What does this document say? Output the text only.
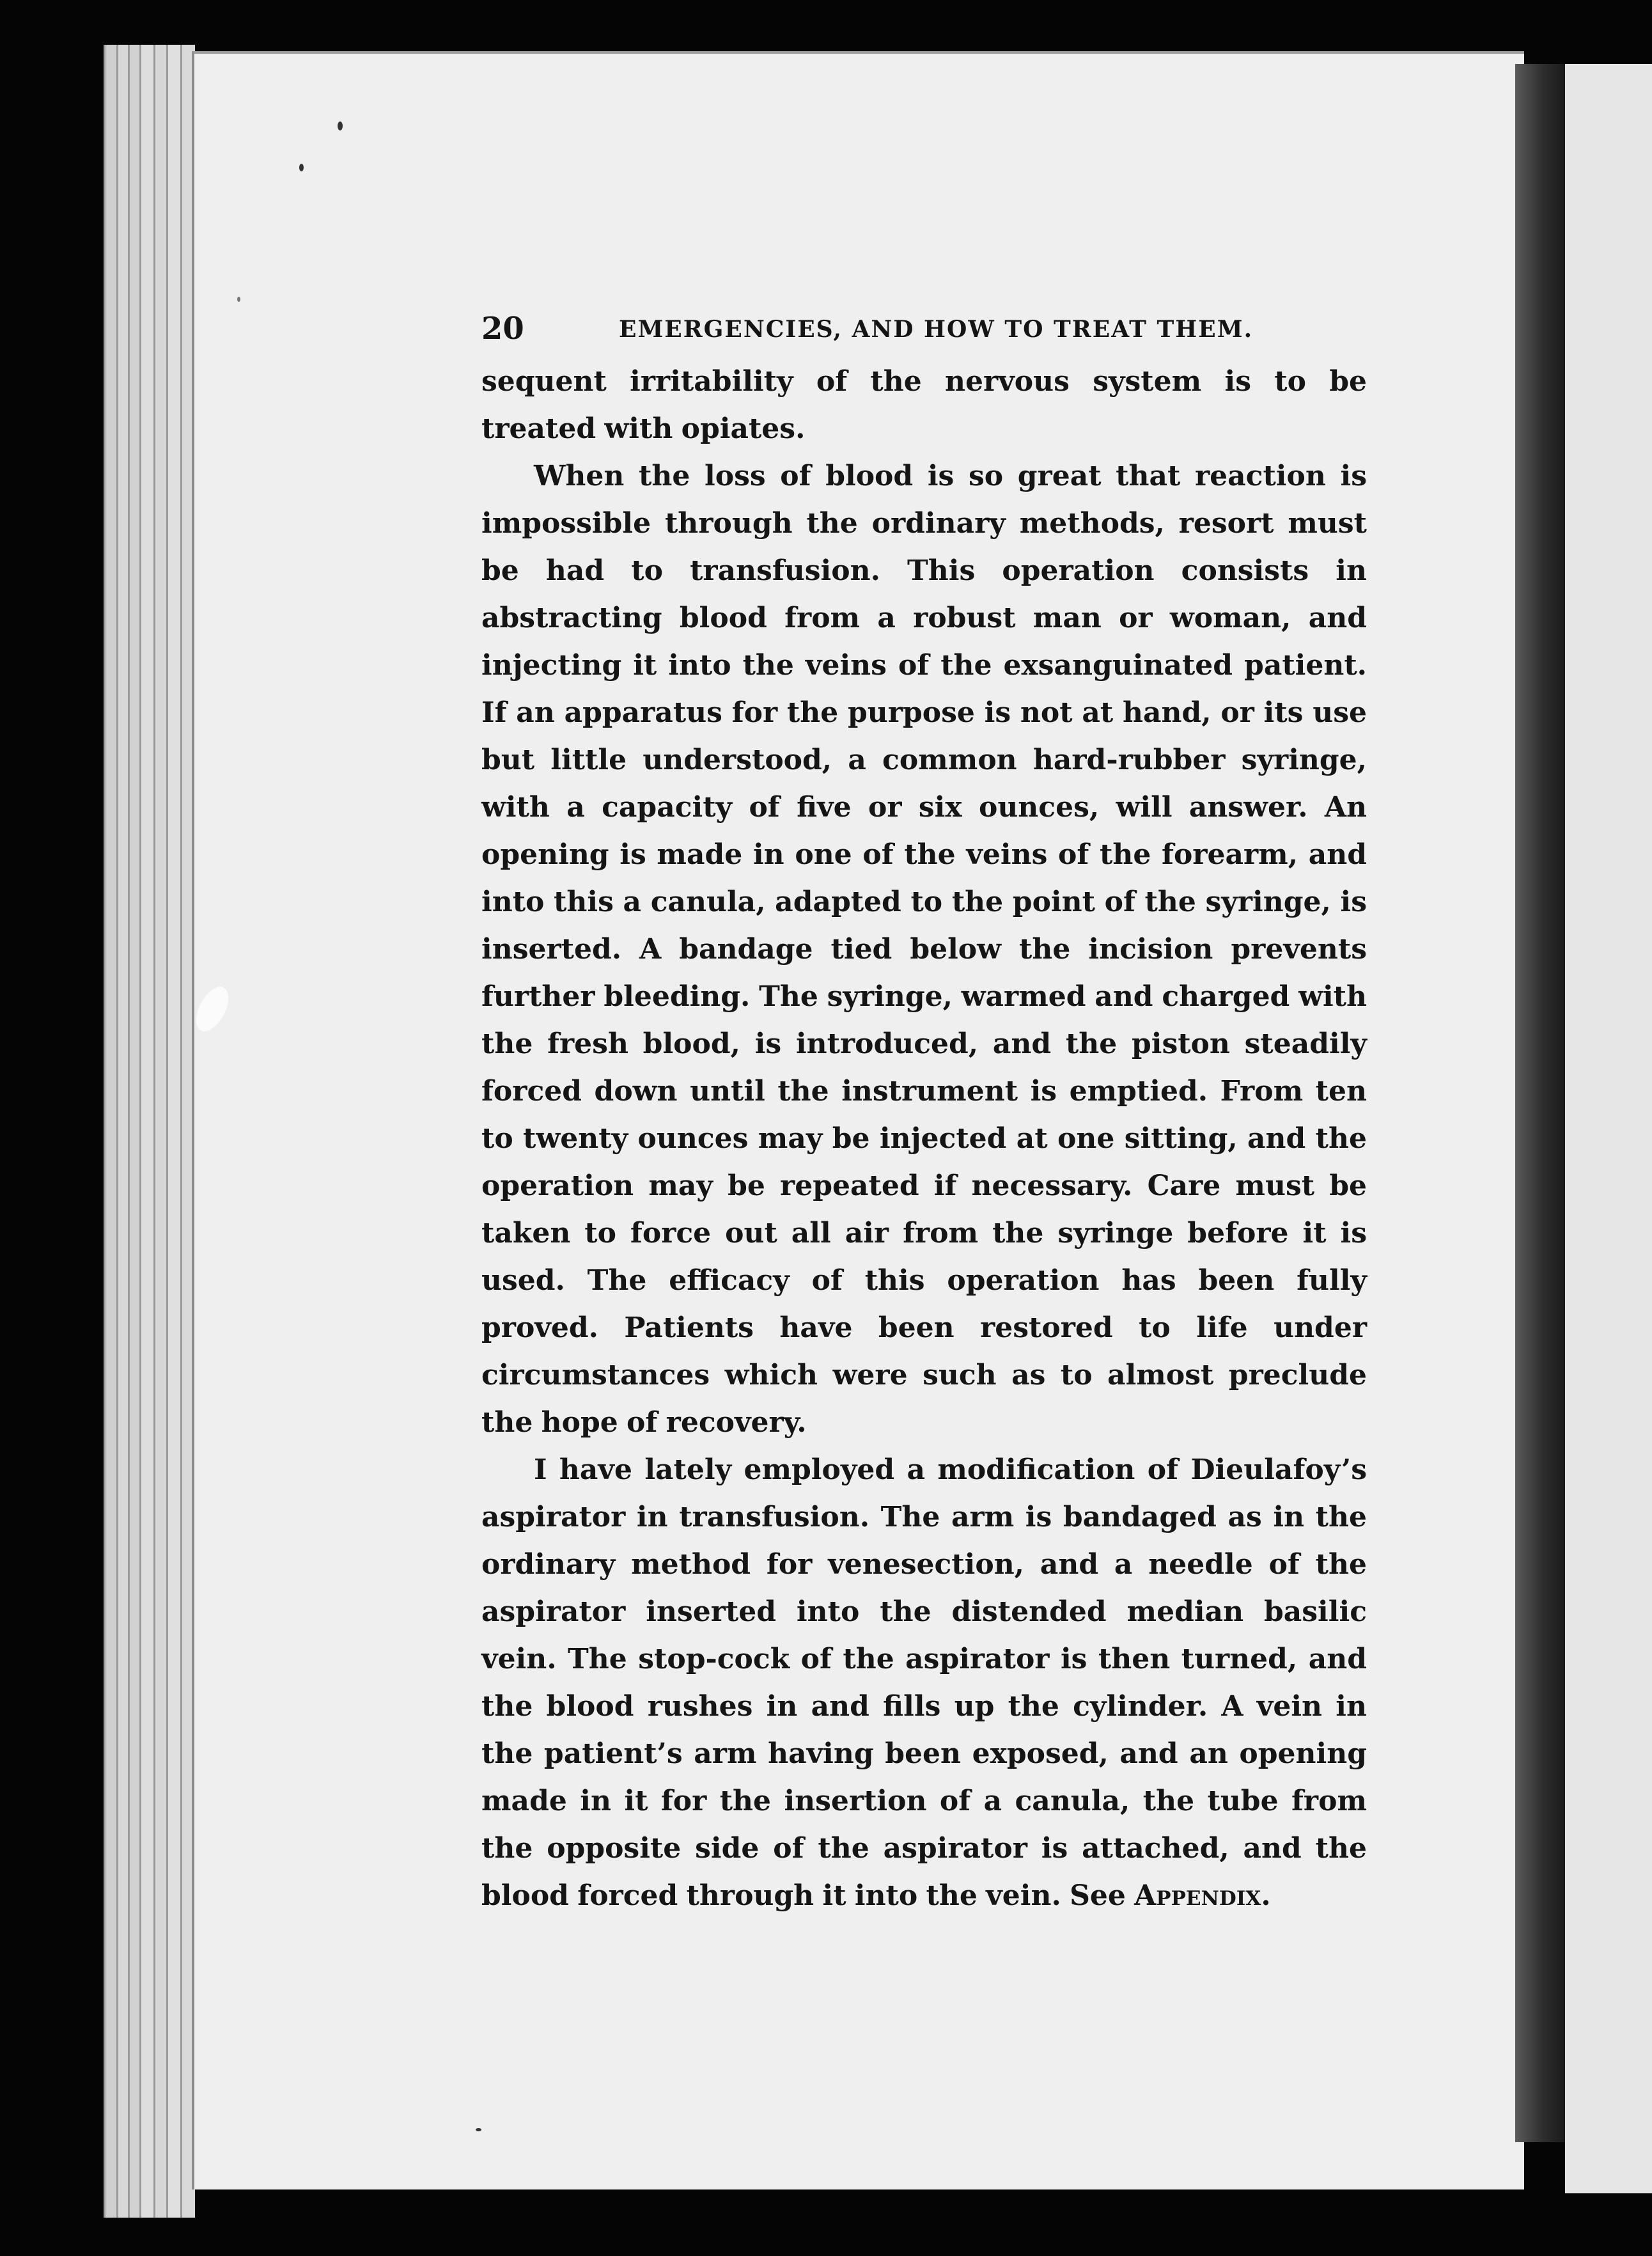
20	EMERGENCIES, AND HOW TO TREAT THEM.

sequent irritability of the nervous system is to be treated with opiates.

When the loss of blood is so great that reaction is impossible through the ordinary methods, resort must be had to transfusion. This operation consists in abstracting blood from a robust man or woman, and injecting it into the veins of the exsanguinated patient. If an apparatus for the purpose is not at hand, or its use but little understood, a common hard-rubber syringe, with a capacity of five or six ounces, will answer. An opening is made in one of the veins of the forearm, and into this a canula, adapted to the point of the syringe, is inserted. A bandage tied below the incision prevents further bleeding. The syringe, warmed and charged with the fresh blood, is introduced, and the piston steadily forced down until the instrument is emptied. From ten to twenty ounces may be injected at one sitting, and the operation may be repeated if necessary. Care must be taken to force out all air from the syringe before it is used. The efficacy of this operation has been fully proved. Patients have been restored to life under circumstances which were such as to almost preclude the hope of recovery.

I have lately employed a modification of Dieulafoy’s aspirator in transfusion. The arm is bandaged as in the ordinary method for venesection, and a needle of the aspirator inserted into the distended median basilic vein. The stop-cock of the aspirator is then turned, and the blood rushes in and fills up the cylinder. A vein in the patient’s arm having been exposed, and an opening made in it for the insertion of a canula, the tube from the opposite side of the aspirator is attached, and the blood forced through it into the vein. See Appendix.
